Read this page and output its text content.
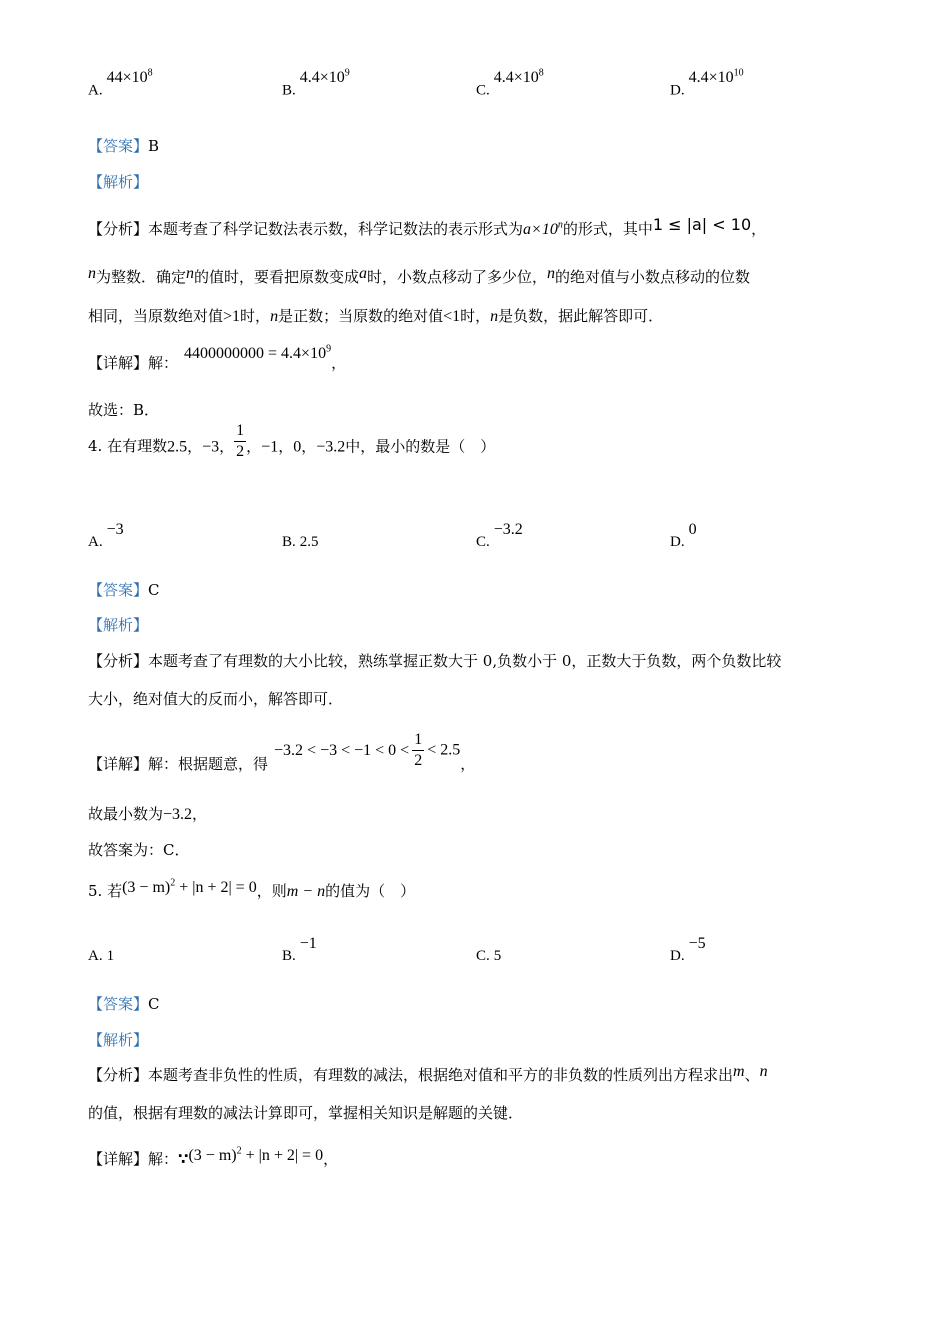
$A.44\times 10^8$
$B.4.4\times 10^9$
$C.4.4\times 10^8$
$D.4.4\times 10^{10}$
【答案】B
【解析】
【分析】本题考查了科学记数法表示数，科学记数法的表示形式为$a\times 10^n$的形式，其中1 ≤ |a| < 10，
n为整数．确定n的值时，要看把原数变成a时，小数点移动了多少位，n的绝对值与小数点移动的位数
相同，当原数绝对值>1时，n是正数；当原数的绝对值<1时，n是负数，据此解答即可．
【详解】解：$4400000000 = 4.4\times 10^9$，
故选：B．
4. 在有理数2.5，−3， $\frac{1}{2}$ ，−1，0，−3.2中，最小的数是（　）
A.−3
B. 2.5	C.−3.2
D.0
【答案】C
【解析】
【分析】本题考查了有理数的大小比较，熟练掌握正数大于 0,负数小于 0，正数大于负数，两个负数比较
大小，绝对值大的反而小，解答即可．
【详解】解：根据题意，得$-3.2 < -3 < -1 < 0 < \frac{1}{2} < 2.5$，
故最小数为−3.2，
故答案为：C．
5. 若$(3 - m)^2 + |n + 2| = 0$，则m − n的值为（　）
A. 1	B.−1
C. 5	D.−5
【答案】C
【解析】
【分析】本题考查非负性的性质，有理数的减法，根据绝对值和平方的非负数的性质列出方程求出m、n
的值，根据有理数的减法计算即可，掌握相关知识是解题的关键．
【详解】解：∵(3 − m)$^2$ + |n + 2| = 0，
